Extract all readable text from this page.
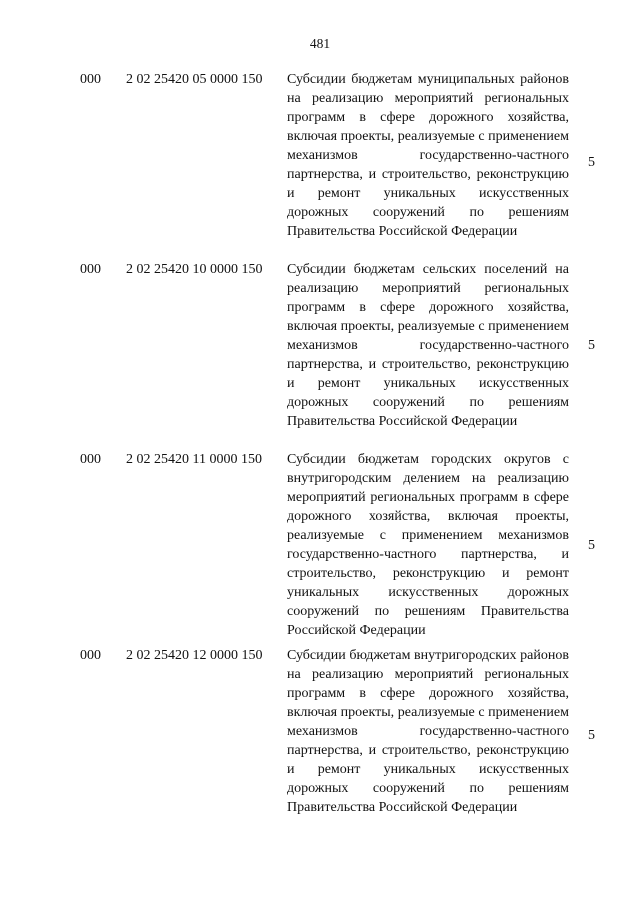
481
000 2 02 25420 05 0000 150 Субсидии бюджетам муниципальных районов на реализацию мероприятий региональных программ в сфере дорожного хозяйства, включая проекты, реализуемые с применением механизмов государственно-частного партнерства, и строительство, реконструкцию и ремонт уникальных искусственных дорожных сооружений по решениям Правительства Российской Федерации
5
000 2 02 25420 10 0000 150 Субсидии бюджетам сельских поселений на реализацию мероприятий региональных программ в сфере дорожного хозяйства, включая проекты, реализуемые с применением механизмов государственно-частного партнерства, и строительство, реконструкцию и ремонт уникальных искусственных дорожных сооружений по решениям Правительства Российской Федерации
5
000 2 02 25420 11 0000 150 Субсидии бюджетам городских округов с внутригородским делением на реализацию мероприятий региональных программ в сфере дорожного хозяйства, включая проекты, реализуемые с применением механизмов государственно-частного партнерства, и строительство, реконструкцию и ремонт уникальных искусственных дорожных сооружений по решениям Правительства Российской Федерации
5
000 2 02 25420 12 0000 150 Субсидии бюджетам внутригородских районов на реализацию мероприятий региональных программ в сфере дорожного хозяйства, включая проекты, реализуемые с применением механизмов государственно-частного партнерства, и строительство, реконструкцию и ремонт уникальных искусственных дорожных сооружений по решениям Правительства Российской Федерации
5
